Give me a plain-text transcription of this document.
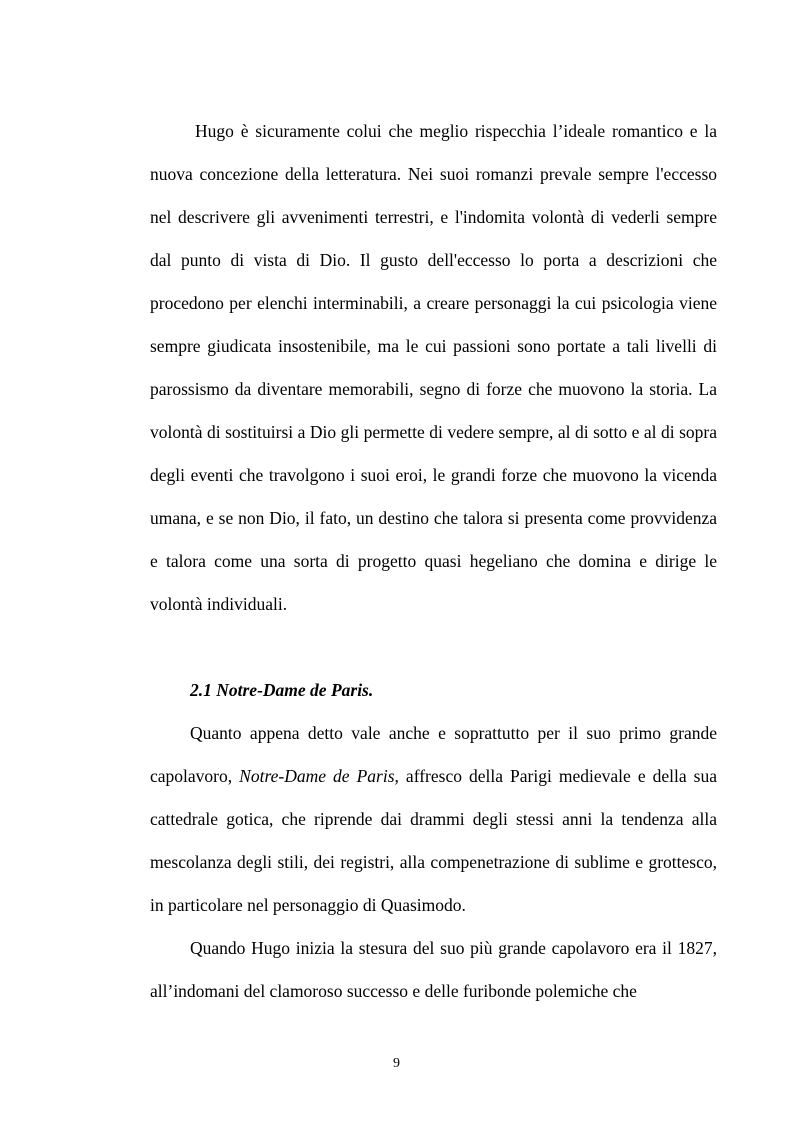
Hugo è sicuramente colui che meglio rispecchia l’ideale romantico e la nuova concezione della letteratura. Nei suoi romanzi prevale sempre l'eccesso nel descrivere gli avvenimenti terrestri, e l'indomita volontà di vederli sempre dal punto di vista di Dio. Il gusto dell'eccesso lo porta a descrizioni che procedono per elenchi interminabili, a creare personaggi la cui psicologia viene sempre giudicata insostenibile, ma le cui passioni sono portate a tali livelli di parossismo da diventare memorabili, segno di forze che muovono la storia. La volontà di sostituirsi a Dio gli permette di vedere sempre, al di sotto e al di sopra degli eventi che travolgono i suoi eroi, le grandi forze che muovono la vicenda umana, e se non Dio, il fato, un destino che talora si presenta come provvidenza e talora come una sorta di progetto quasi hegeliano che domina e dirige le volontà individuali.

2.1 Notre-Dame de Paris.

Quanto appena detto vale anche e soprattutto per il suo primo grande capolavoro, Notre-Dame de Paris, affresco della Parigi medievale e della sua cattedrale gotica, che riprende dai drammi degli stessi anni la tendenza alla mescolanza degli stili, dei registri, alla compenetrazione di sublime e grottesco, in particolare nel personaggio di Quasimodo.

Quando Hugo inizia la stesura del suo più grande capolavoro era il 1827, all’indomani del clamoroso successo e delle furibonde polemiche che

9
